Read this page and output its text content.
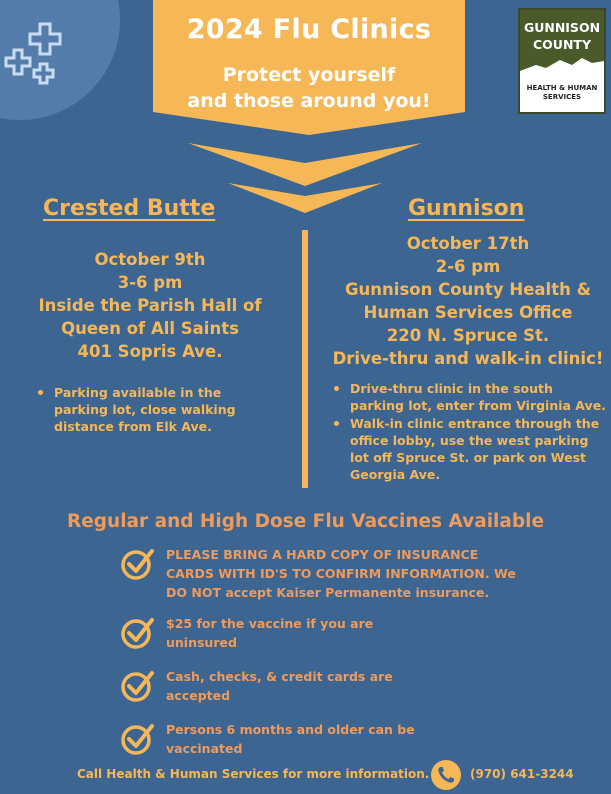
2024 Flu Clinics
Protect yourself
and those around you!
GUNNISON
COUNTY
HEALTH & HUMAN
SERVICES
Crested Butte
October 9th
3-6 pm
Inside the Parish Hall of
Queen of All Saints
401 Sopris Ave.
Parking available in the parking lot, close walking distance from Elk Ave.
Gunnison
October 17th
2-6 pm
Gunnison County Health &
Human Services Office
220 N. Spruce St.
Drive-thru and walk-in clinic!
Drive-thru clinic in the south parking lot, enter from Virginia Ave.
Walk-in clinic entrance through the office lobby, use the west parking lot off Spruce St. or park on West Georgia Ave.
Regular and High Dose Flu Vaccines Available
PLEASE BRING A HARD COPY OF INSURANCE
CARDS WITH ID'S TO CONFIRM INFORMATION. We
DO NOT accept Kaiser Permanente insurance.
$25 for the vaccine if you are
uninsured
Cash, checks, & credit cards are
accepted
Persons 6 months and older can be
vaccinated
Call Health & Human Services for more information.	(970) 641-3244
